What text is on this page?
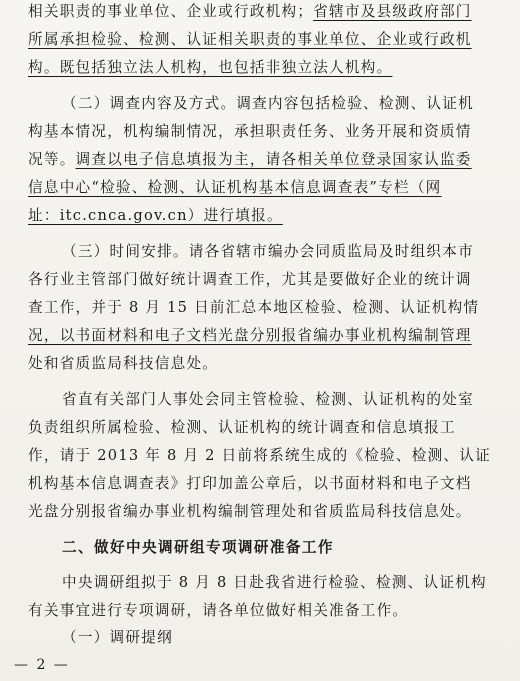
相关职责的事业单位、企业或行政机构；省辖市及县级政府部门
所属承担检验、检测、认证相关职责的事业单位、企业或行政机
构。既包括独立法人机构，也包括非独立法人机构。
（二）调查内容及方式。调查内容包括检验、检测、认证机
构基本情况，机构编制情况，承担职责任务、业务开展和资质情
况等。调查以电子信息填报为主，请各相关单位登录国家认监委
信息中心“检验、检测、认证机构基本信息调查表”专栏（网
址：itc.cnca.gov.cn）进行填报。
（三）时间安排。请各省辖市编办会同质监局及时组织本市
各行业主管部门做好统计调查工作，尤其是要做好企业的统计调
查工作，并于 8 月 15 日前汇总本地区检验、检测、认证机构情
况，以书面材料和电子文档光盘分别报省编办事业机构编制管理
处和省质监局科技信息处。
省直有关部门人事处会同主管检验、检测、认证机构的处室
负责组织所属检验、检测、认证机构的统计调查和信息填报工
作，请于 2013 年 8 月 2 日前将系统生成的《检验、检测、认证
机构基本信息调查表》打印加盖公章后，以书面材料和电子文档
光盘分别报省编办事业机构编制管理处和省质监局科技信息处。
二、做好中央调研组专项调研准备工作
中央调研组拟于 8 月 8 日赴我省进行检验、检测、认证机构
有关事宜进行专项调研，请各单位做好相关准备工作。
（一）调研提纲
— 2 —
